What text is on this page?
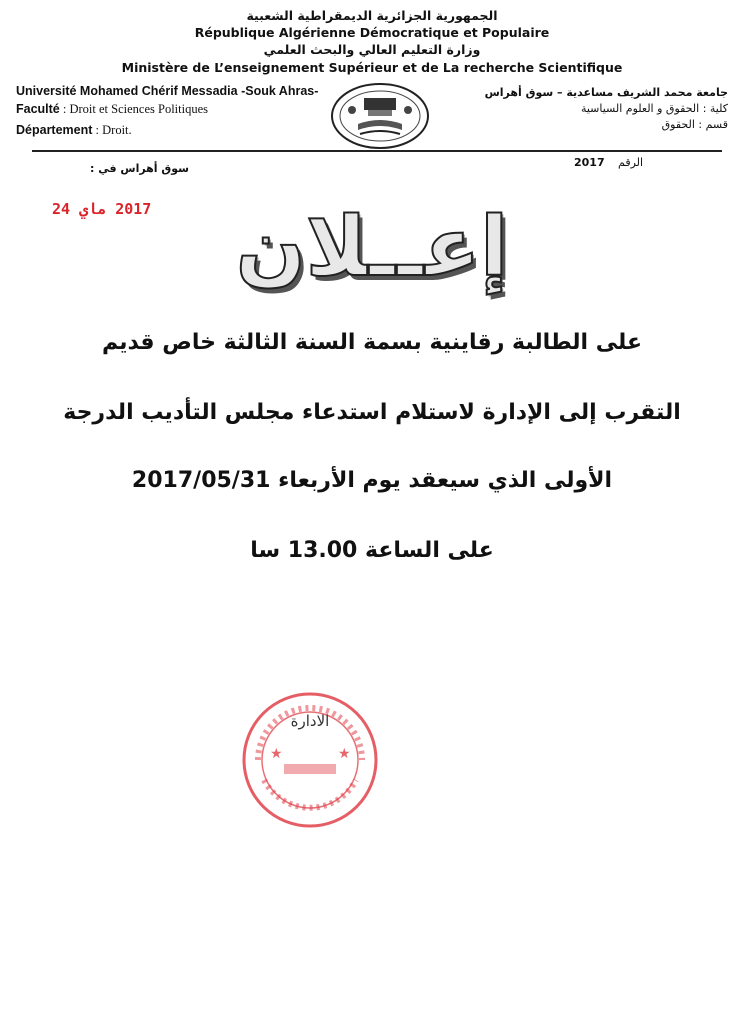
الجمهورية الجزائرية الديمقراطية الشعبية
République Algérienne Démocratique et Populaire
وزارة التعليم العالي والبحث العلمي
Ministère de L’enseignement Supérieur et de La recherche Scientifique
Université Mohamed Chérif Messadia -Souk Ahras-
Faculté : Droit et Sciences Politiques
Département : Droit.
جامعة محمد الشريف مساعدية – سوق أهراس
كلية : الحقوق و العلوم السياسية
قسم : الحقوق
2017 الرقم
سوق أهراس في :
2017 ماي 24	إعــلان
على الطالبة رقاينية بسمة السنة الثالثة خاص قديم
التقرب إلى الإدارة لاستلام استدعاء مجلس التأديب الدرجة
الأولى الذي سيعقد يوم الأربعاء 2017/05/31
على الساعة 13.00 سا
★	★
الادارة
